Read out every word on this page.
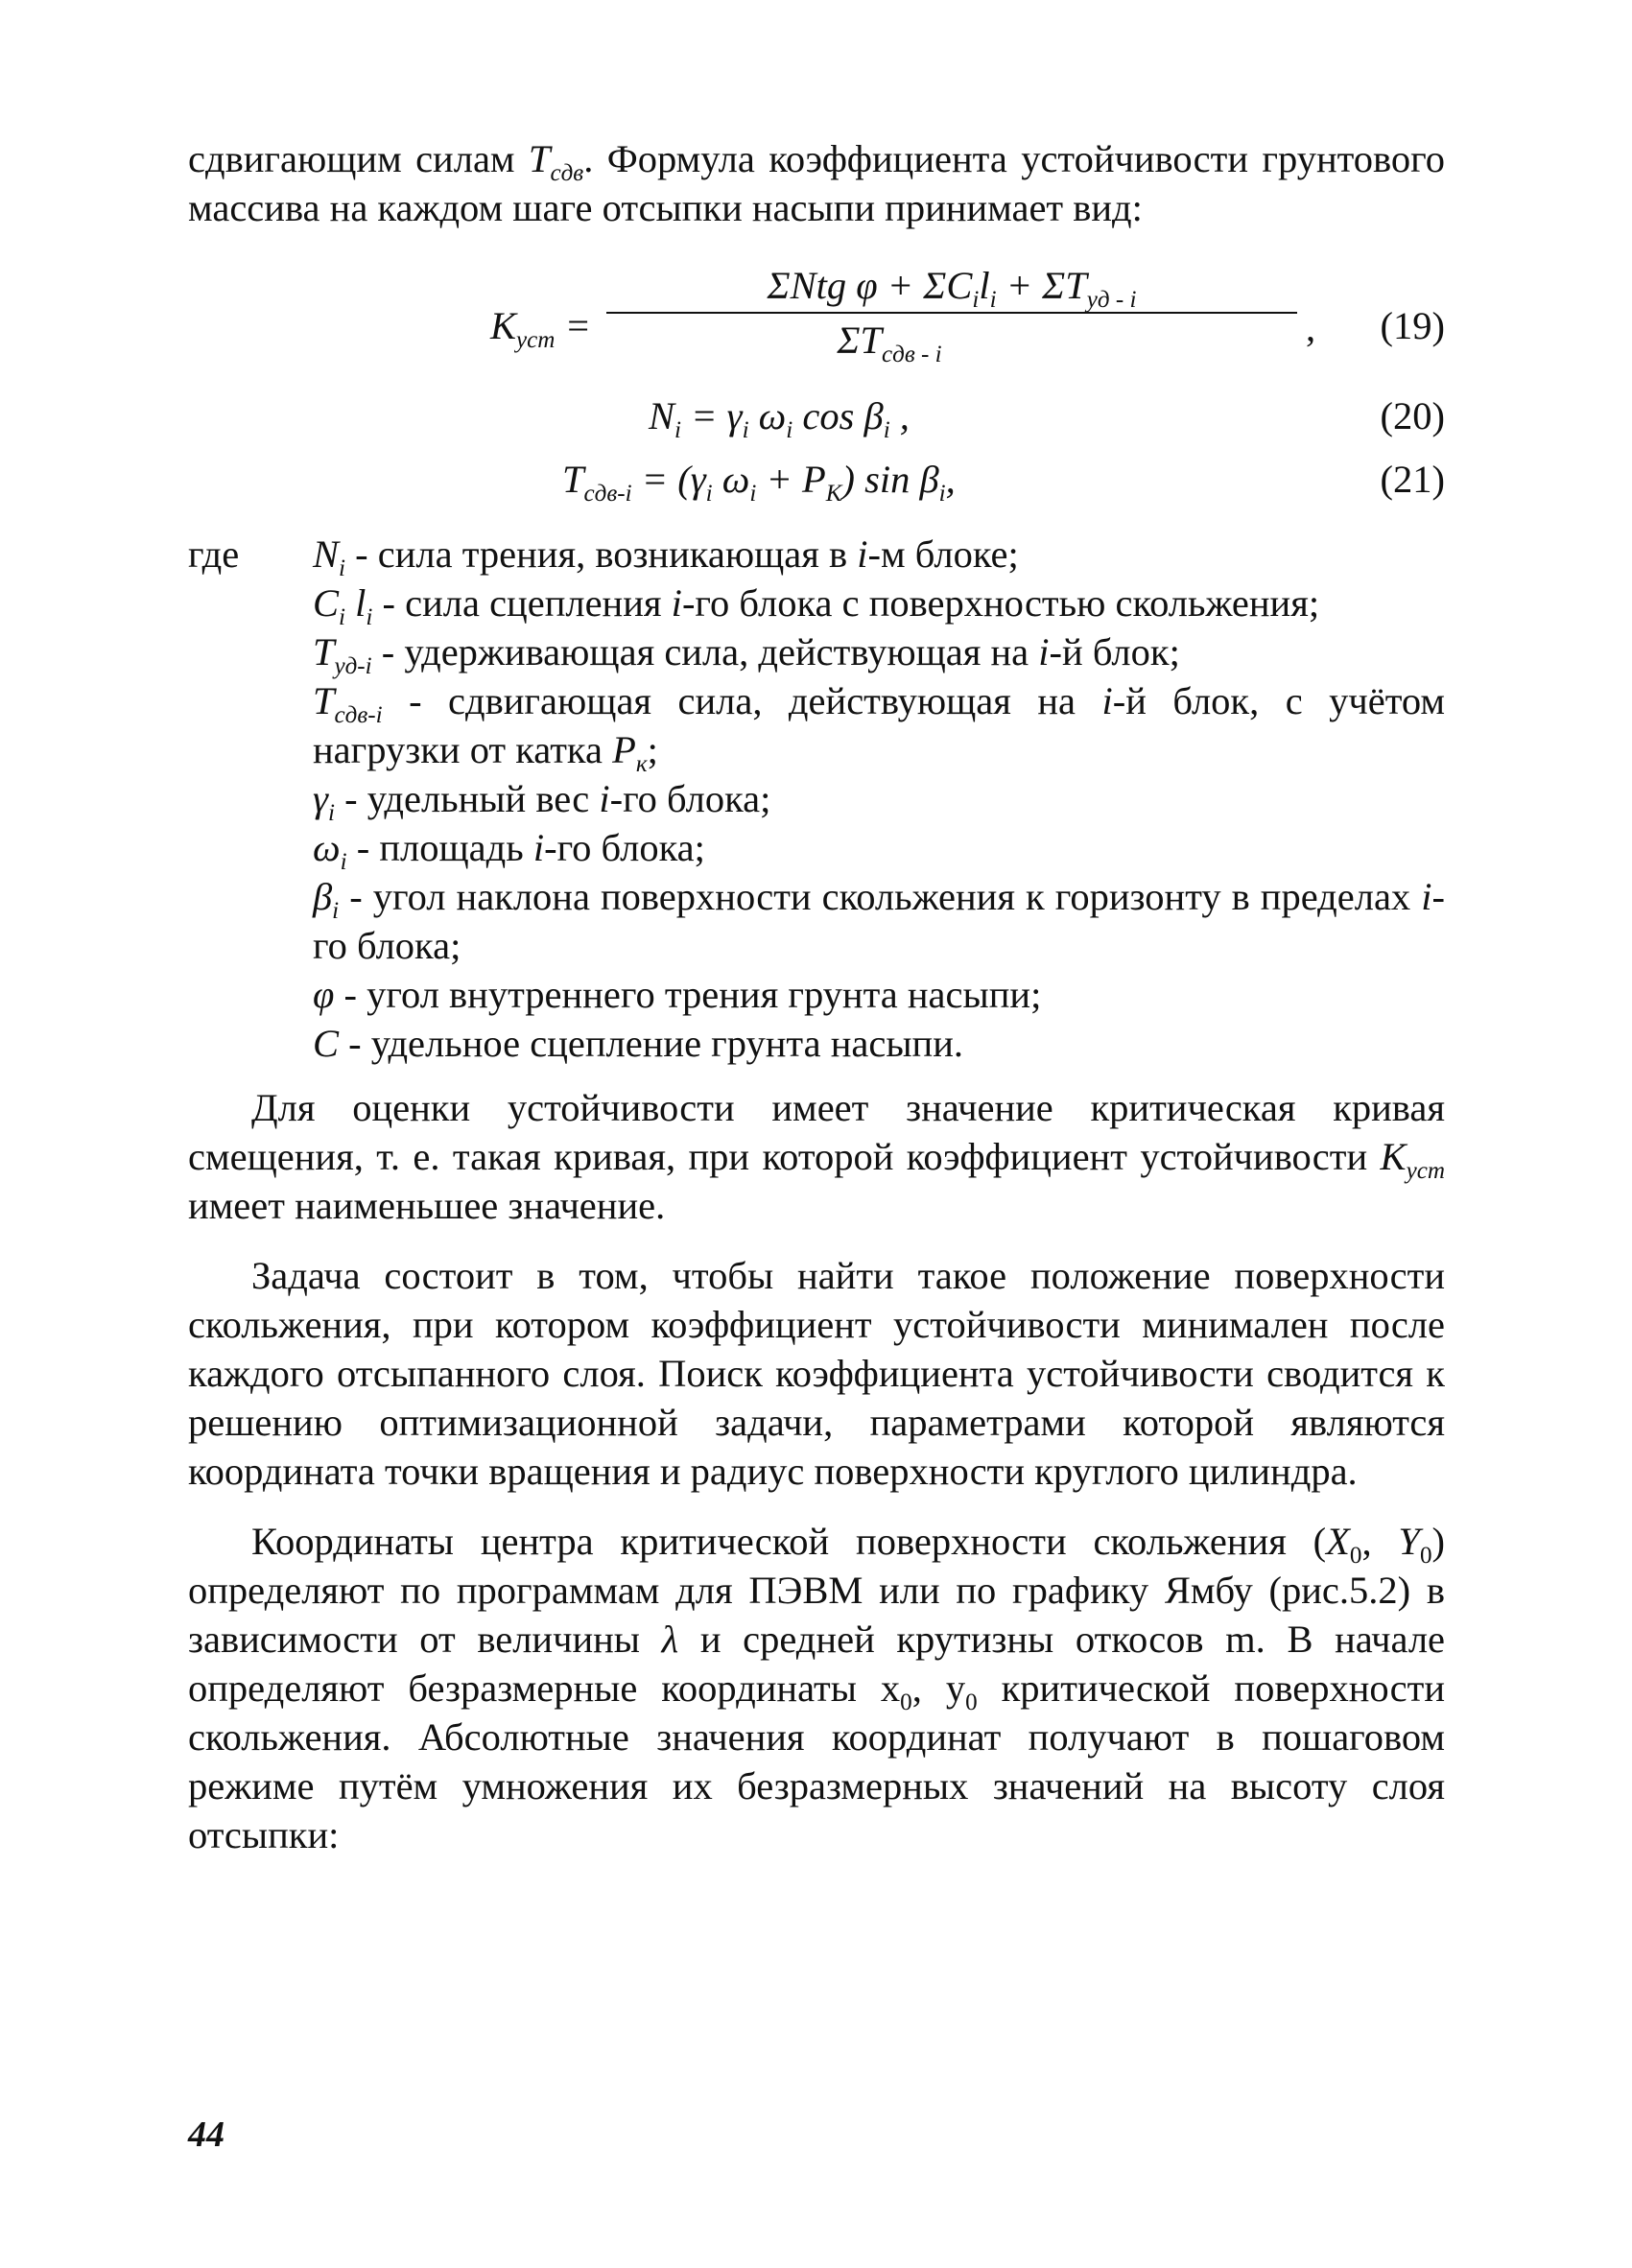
сдвигающим силам $T_{сдв}$. Формула коэффициента устойчивости грунтового массива на каждом шаге отсыпки насыпи принимает вид:

$K_{уст}$ =
ΣNtg $\varphi + \Sigma C_il_i + \Sigma T_{уд - i}$
$\Sigma T_{сдв - i}$
, (19)
$N_i = \gamma_i$ $\omega_i$ $\cos \beta_i$ ,	(20)
$T_{сдв-i} = (\gamma_i$ $\omega_i + P_K$) $\sin \beta_i$,	(21)
где $N_i$ - сила трения, возникающая в i-м блоке;
$C_i$ $l_i$ - сила сцепления i-го блока с поверхностью скольжения;
$T_{уд-i}$ - удерживающая сила, действующая на i-й блок;
$T_{сдв-i}$ - сдвигающая сила, действующая на i-й блок, с учётом нагрузки от катка $P_к$;
$\gamma_i$ - удельный вес i-го блока;
$\omega_i$ - площадь i-го блока;
$\beta_i$ - угол наклона поверхности скольжения к горизонту в пределах i-го блока;
φ - угол внутреннего трения грунта насыпи;
C - удельное сцепление грунта насыпи.

Для оценки устойчивости имеет значение критическая кривая смещения, т. е. такая кривая, при которой коэффициент устойчивости $K_{уст}$ имеет наименьшее значение.

Задача состоит в том, чтобы найти такое положение поверхности скольжения, при котором коэффициент устойчивости минимален после каждого отсыпанного слоя. Поиск коэффициента устойчивости сводится к решению оптимизационной задачи, параметрами которой являются координата точки вращения и радиус поверхности круглого цилиндра.

Координаты центра критической поверхности скольжения ($X_0$, $Y_0$) определяют по программам для ПЭВМ или по графику Ямбу (рис.5.2) в зависимости от величины λ и средней крутизны откосов m. В начале определяют безразмерные координаты $x_0$, $y_0$ критической поверхности скольжения. Абсолютные значения координат получают в пошаговом режиме путём умножения их безразмерных значений на высоту слоя отсыпки:

44
